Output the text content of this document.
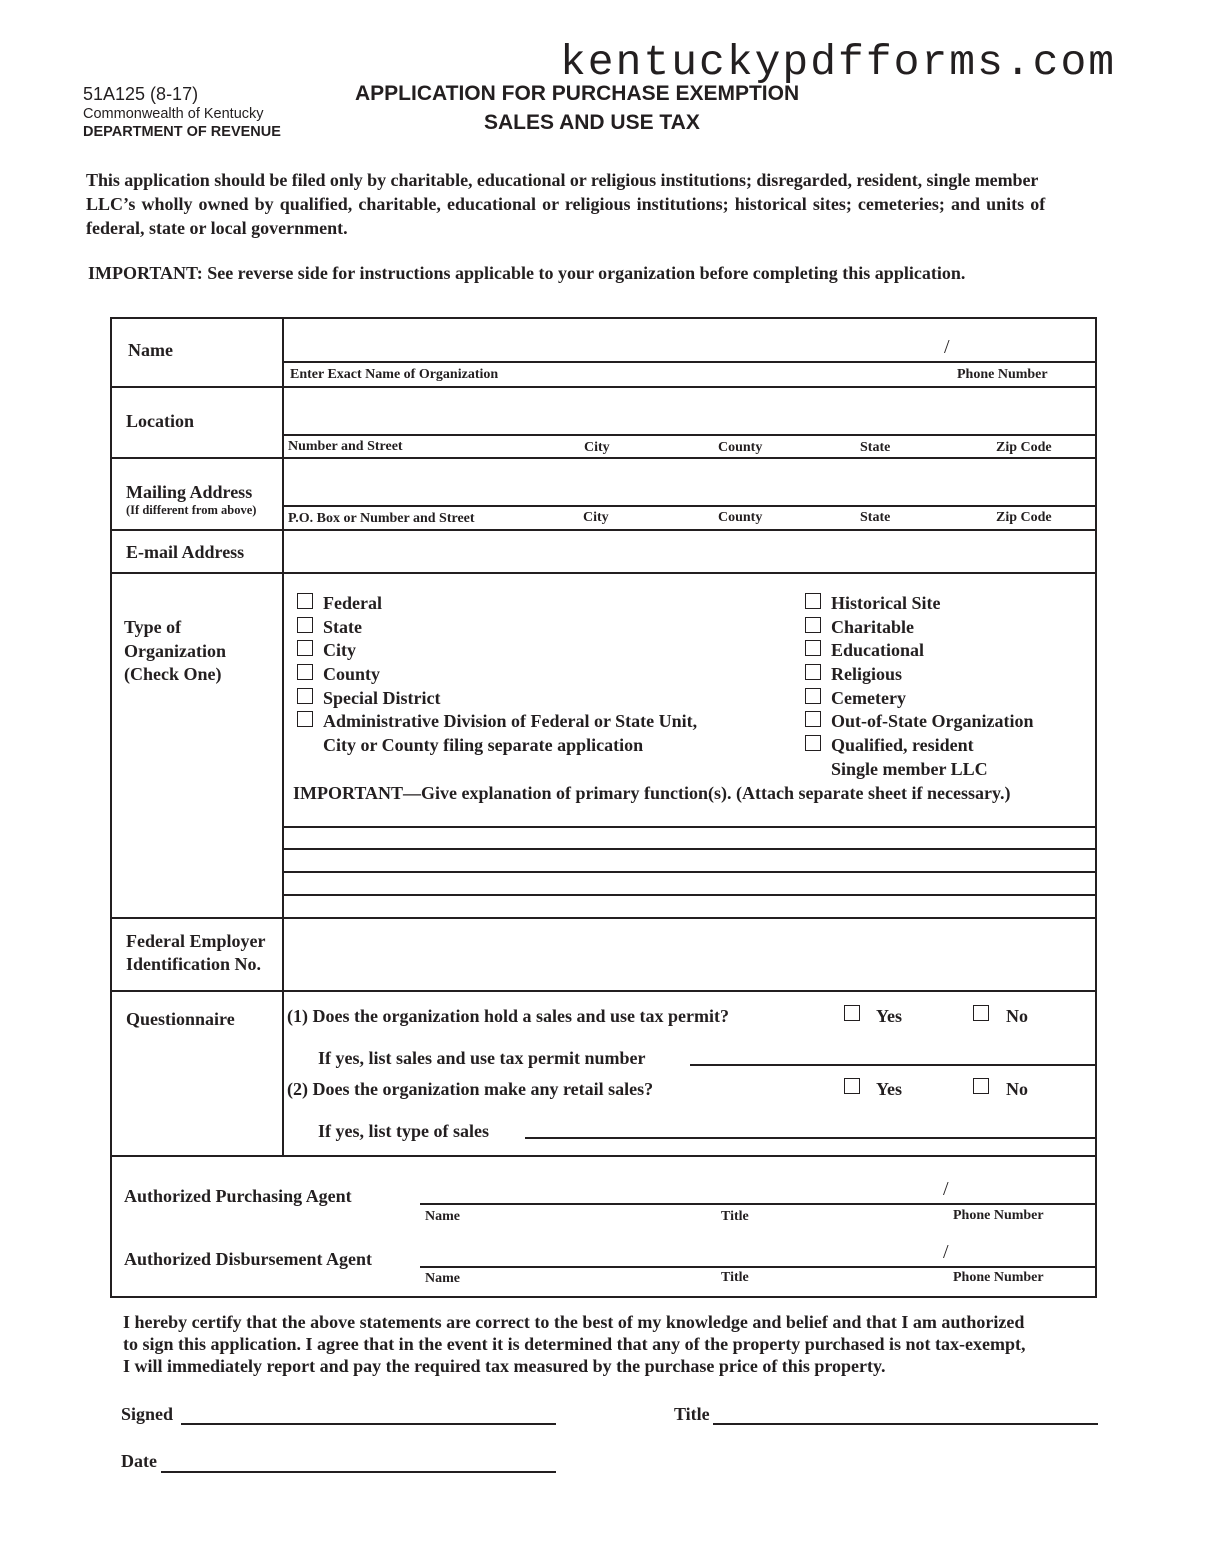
kentuckypdfforms.com
51A125 (8-17)
Commonwealth of Kentucky
DEPARTMENT OF REVENUE
APPLICATION FOR PURCHASE EXEMPTION
SALES AND USE TAX
This application should be filed only by charitable, educational or religious institutions; disregarded, resident, single member
LLC’s wholly owned by qualified, charitable, educational or religious institutions; historical sites; cemeteries; and units of
federal, state or local government.
IMPORTANT: See reverse side for instructions applicable to your organization before completing this application.
Name	/
Enter Exact Name of Organization	Phone Number
Location
Number and Street	City	County	State	Zip Code
Mailing Address
(If different from above)
P.O. Box or Number and Street	City	County	State	Zip Code
E-mail Address
Type of
Organization
(Check One)
Federal
State
City
County
Special District
Administrative Division of Federal or State Unit,
City or County filing separate application
Historical Site
Charitable
Educational
Religious
Cemetery
Out-of-State Organization
Qualified, resident
Single member LLC
IMPORTANT—Give explanation of primary function(s). (Attach separate sheet if necessary.)
Federal Employer
Identification No.
Questionnaire	(1) Does the organization hold a sales and use tax permit?	Yes	No
If yes, list sales and use tax permit number
(2) Does the organization make any retail sales?	Yes	No
If yes, list type of sales
Authorized Purchasing Agent	/
Name	Title	Phone Number
Authorized Disbursement Agent	/
Name	Title	Phone Number
I hereby certify that the above statements are correct to the best of my knowledge and belief and that I am authorized
to sign this application. I agree that in the event it is determined that any of the property purchased is not tax-exempt,
I will immediately report and pay the required tax measured by the purchase price of this property.
Signed	Title
Date
